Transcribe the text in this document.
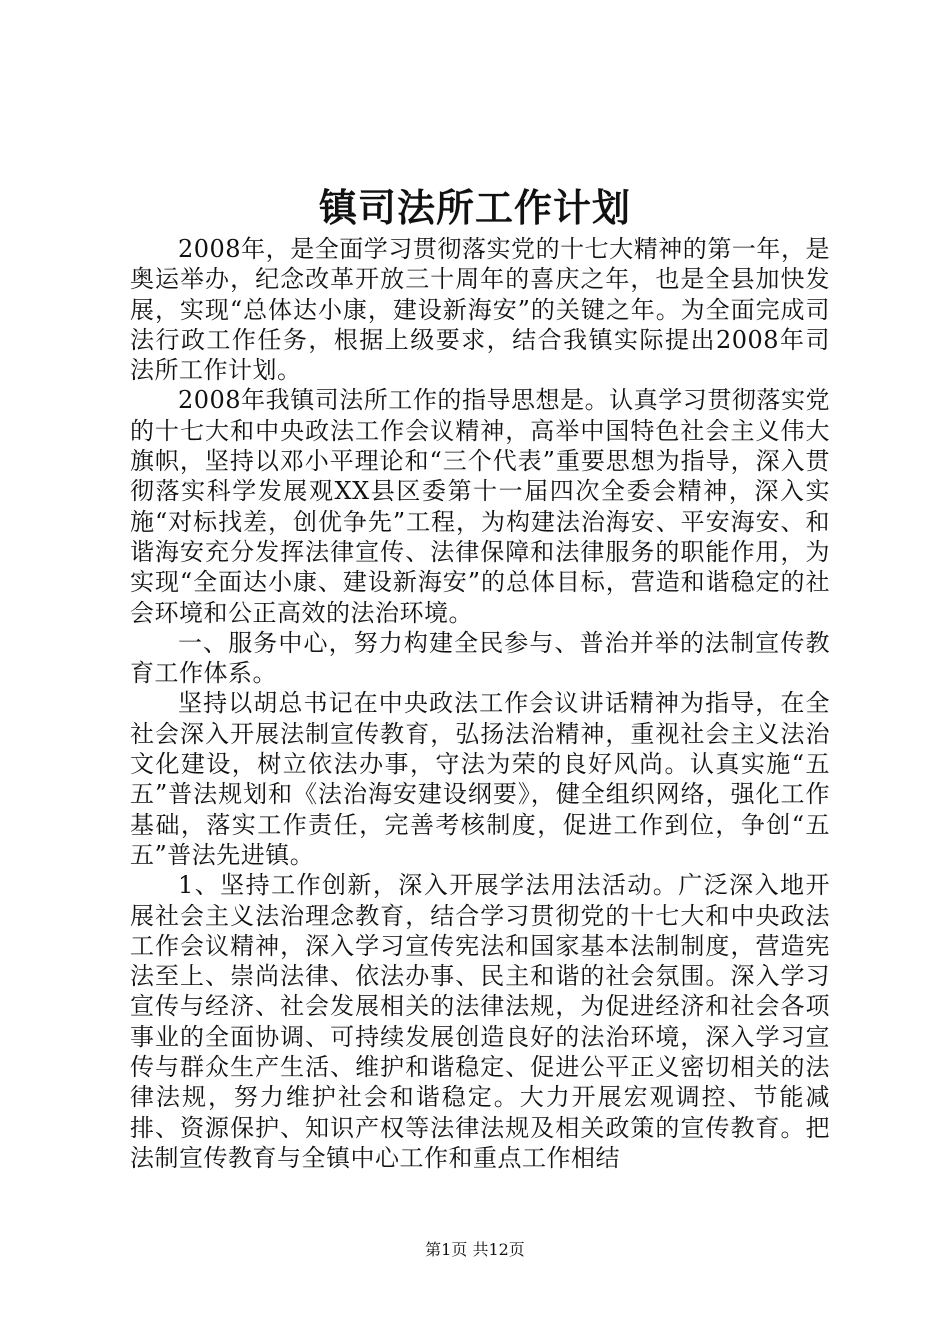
镇司法所工作计划

2008年，是全面学习贯彻落实党的十七大精神的第一年，是奥运举办，纪念改革开放三十周年的喜庆之年，也是全县加快发展，实现“总体达小康，建设新海安”的关键之年。为全面完成司法行政工作任务，根据上级要求，结合我镇实际提出2008年司法所工作计划。

2008年我镇司法所工作的指导思想是。认真学习贯彻落实党的十七大和中央政法工作会议精神，高举中国特色社会主义伟大旗帜，坚持以邓小平理论和“三个代表”重要思想为指导，深入贯彻落实科学发展观XX县区委第十一届四次全委会精神，深入实施“对标找差，创优争先”工程，为构建法治海安、平安海安、和谐海安充分发挥法律宣传、法律保障和法律服务的职能作用，为实现“全面达小康、建设新海安”的总体目标，营造和谐稳定的社会环境和公正高效的法治环境。

一、服务中心，努力构建全民参与、普治并举的法制宣传教育工作体系。

坚持以胡总书记在中央政法工作会议讲话精神为指导，在全社会深入开展法制宣传教育，弘扬法治精神，重视社会主义法治文化建设，树立依法办事，守法为荣的良好风尚。认真实施“五五”普法规划和《法治海安建设纲要》，健全组织网络，强化工作基础，落实工作责任，完善考核制度，促进工作到位，争创“五五”普法先进镇。

1、坚持工作创新，深入开展学法用法活动。广泛深入地开展社会主义法治理念教育，结合学习贯彻党的十七大和中央政法工作会议精神，深入学习宣传宪法和国家基本法制制度，营造宪法至上、崇尚法律、依法办事、民主和谐的社会氛围。深入学习宣传与经济、社会发展相关的法律法规，为促进经济和社会各项事业的全面协调、可持续发展创造良好的法治环境，深入学习宣传与群众生产生活、维护和谐稳定、促进公平正义密切相关的法律法规，努力维护社会和谐稳定。大力开展宏观调控、节能减排、资源保护、知识产权等法律法规及相关政策的宣传教育。把法制宣传教育与全镇中心工作和重点工作相结

第1页 共12页
